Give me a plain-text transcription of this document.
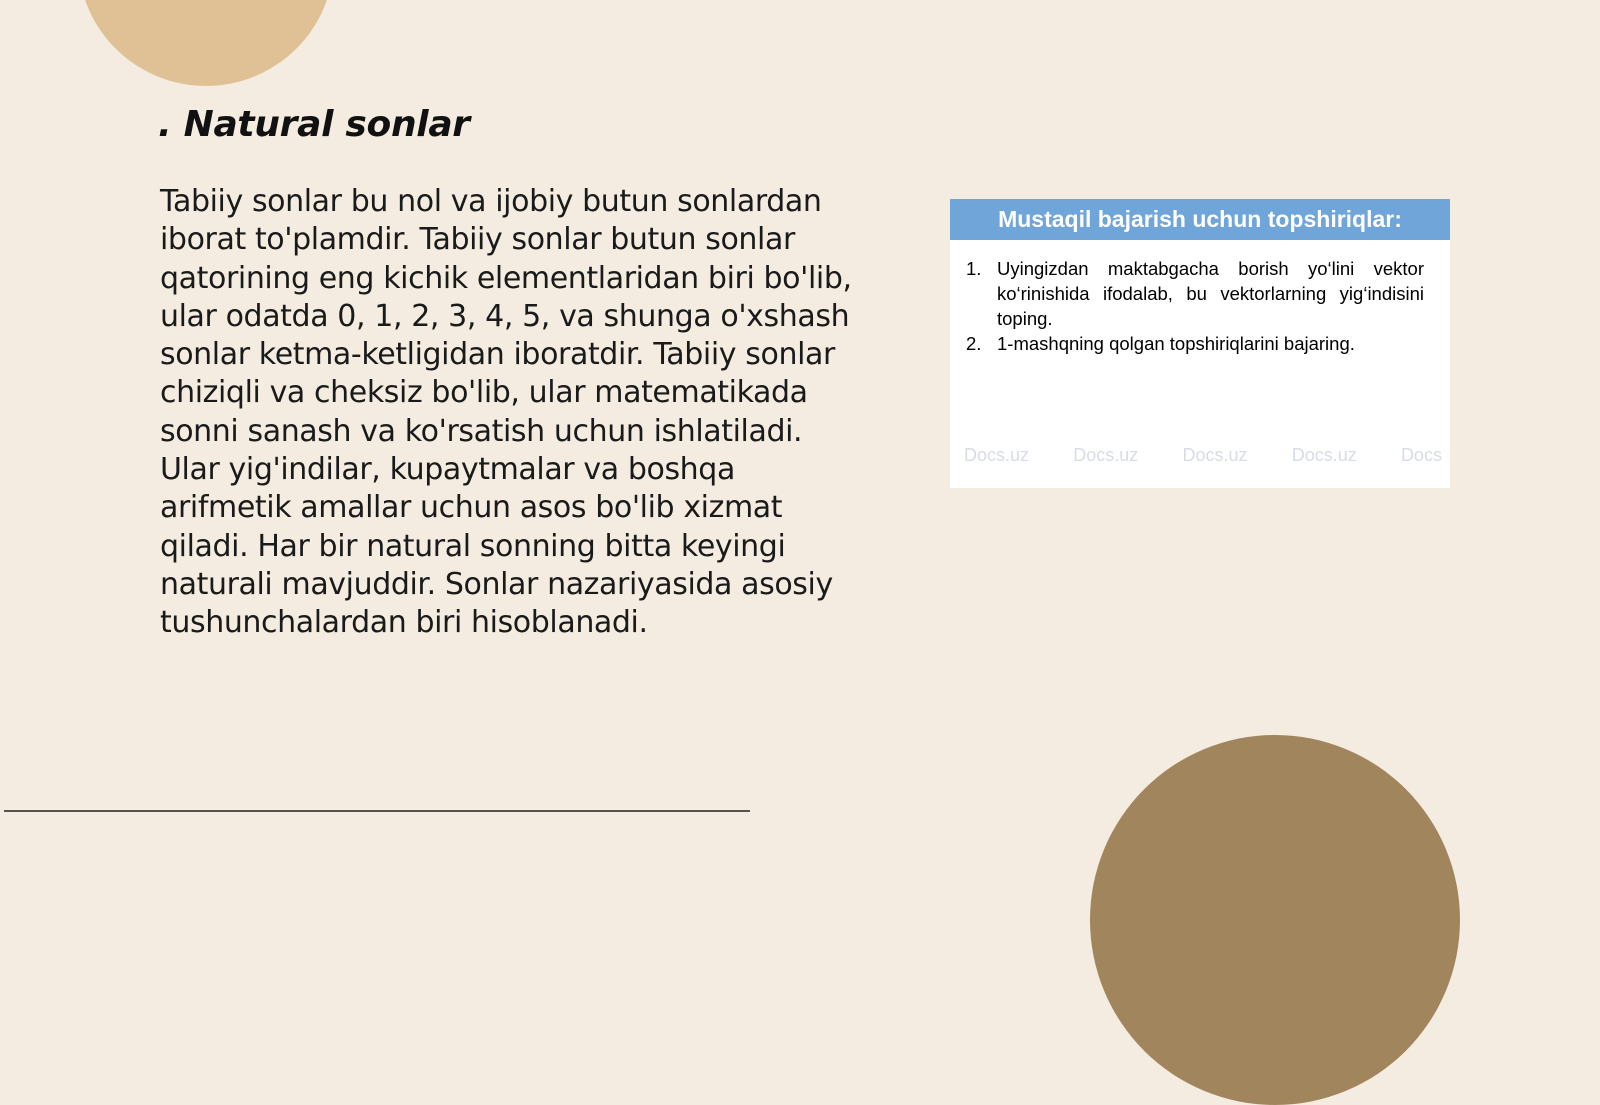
. Natural sonlar

Tabiiy sonlar bu nol va ijobiy butun sonlardan iborat to'plamdir. Tabiiy sonlar butun sonlar qatorining eng kichik elementlaridan biri bo'lib, ular odatda 0, 1, 2, 3, 4, 5, va shunga o'xshash sonlar ketma-ketligidan iboratdir. Tabiiy sonlar chiziqli va cheksiz bo'lib, ular matematikada sonni sanash va ko'rsatish uchun ishlatiladi. Ular yig'indilar, kupaytmalar va boshqa arifmetik amallar uchun asos bo'lib xizmat qiladi. Har bir natural sonning bitta keyingi naturali mavjuddir. Sonlar nazariyasida asosiy tushunchalardan biri hisoblanadi.

Mustaqil bajarish uchun topshiriqlar:
1. Uyingizdan maktabgacha borish yo‘lini vektor ko‘rinishida ifodalab, bu vektorlarning yig‘indisini toping.
2. 1-mashqning qolgan topshiriqlarini bajaring.
Docs.uz Docs.uz Docs.uz Docs.uz Docs
